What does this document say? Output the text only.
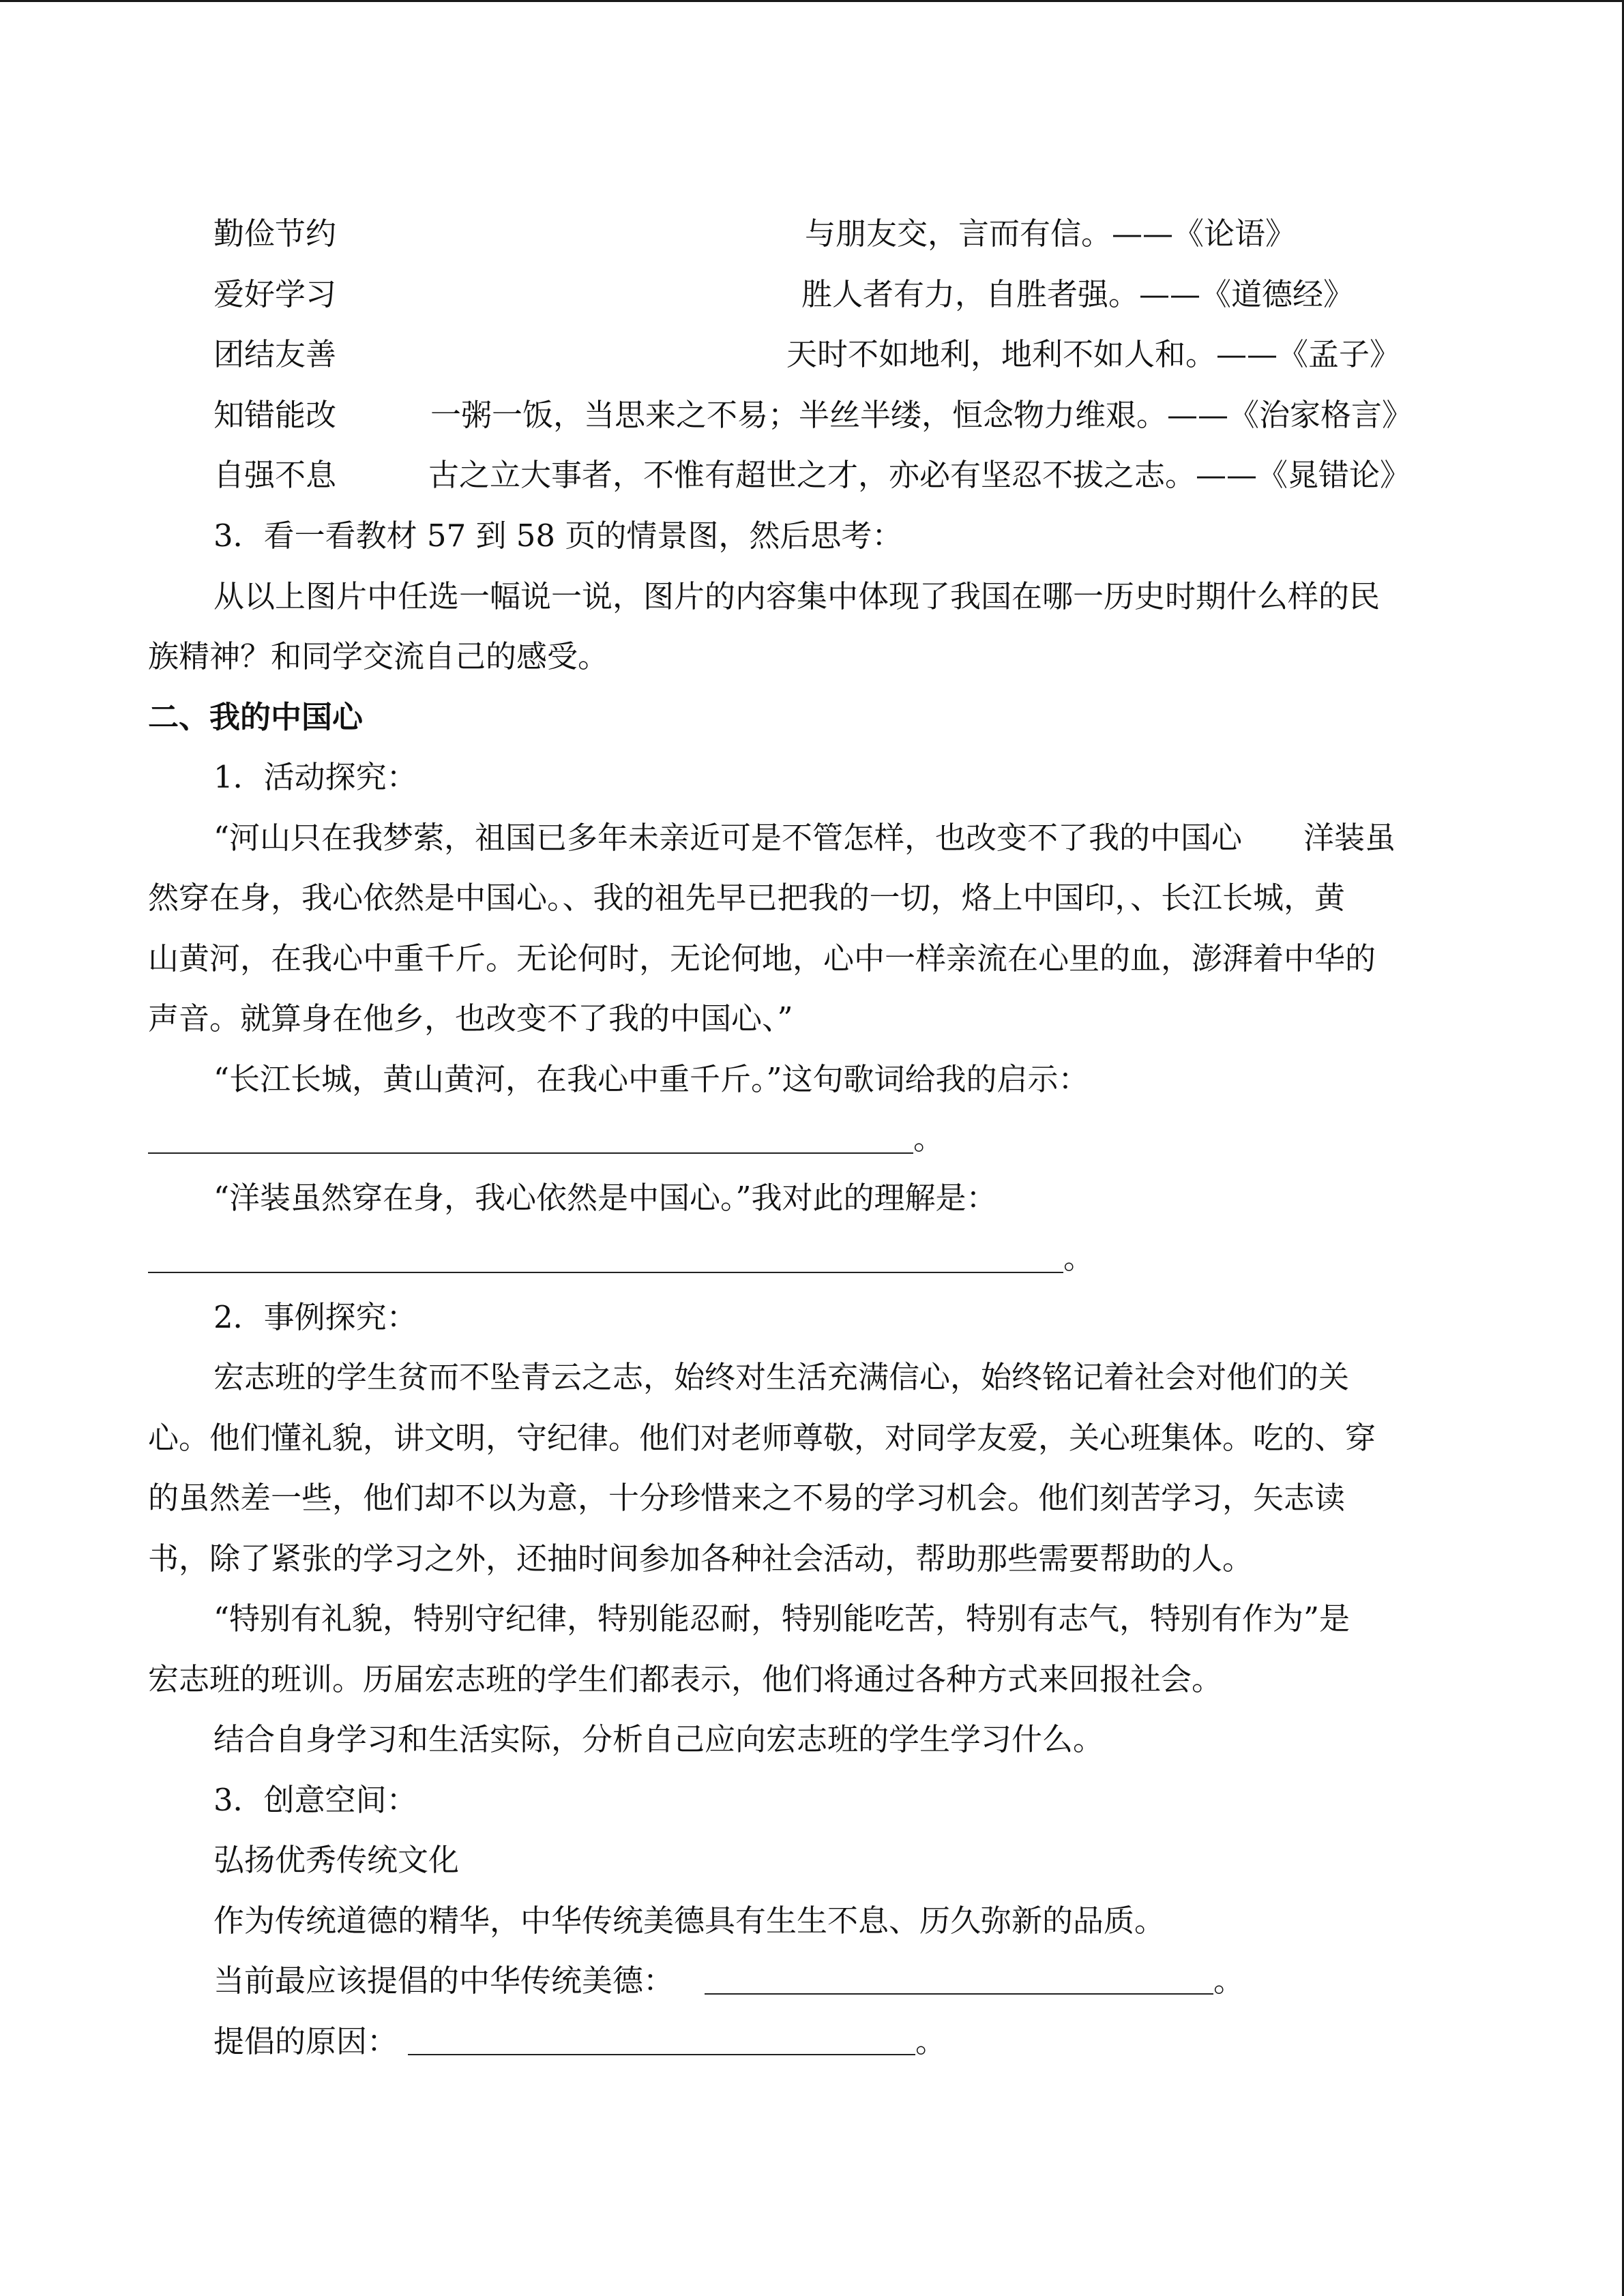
勤俭节约	与朋友交，言而有信。——《论语》
爱好学习	胜人者有力，自胜者强。——《道德经》
团结友善	天时不如地利，地利不如人和。——《孟子》
知错能改	一粥一饭，当思来之不易；半丝半缕，恒念物力维艰。——《治家格言》
自强不息	古之立大事者，不惟有超世之才，亦必有坚忍不拔之志。——《晁错论》
3．看一看教材 57 到 58 页的情景图，然后思考：
从以上图片中任选一幅说一说，图片的内容集中体现了我国在哪一历史时期什么样的民
族精神？和同学交流自己的感受。
二、我的中国心
1．活动探究：
“河山只在我梦萦，祖国已多年未亲近可是不管怎样，也改变不了我的中国心　　洋装虽
然穿在身，我心依然是中国心。、我的祖先早已把我的一切，烙上中国印，、长江长城，黄
山黄河，在我心中重千斤。无论何时，无论何地，心中一样亲流在心里的血，澎湃着中华的
声音。就算身在他乡，也改变不了我的中国心、”
“长江长城，黄山黄河，在我心中重千斤。”这句歌词给我的启示：
。
“洋装虽然穿在身，我心依然是中国心。”我对此的理解是：
。
2．事例探究：
宏志班的学生贫而不坠青云之志，始终对生活充满信心，始终铭记着社会对他们的关
心。他们懂礼貌，讲文明，守纪律。他们对老师尊敬，对同学友爱，关心班集体。吃的、穿
的虽然差一些，他们却不以为意，十分珍惜来之不易的学习机会。他们刻苦学习，矢志读
书，除了紧张的学习之外，还抽时间参加各种社会活动，帮助那些需要帮助的人。
“特别有礼貌，特别守纪律，特别能忍耐，特别能吃苦，特别有志气，特别有作为”是
宏志班的班训。历届宏志班的学生们都表示，他们将通过各种方式来回报社会。
结合自身学习和生活实际，分析自己应向宏志班的学生学习什么。
3．创意空间：
弘扬优秀传统文化
作为传统道德的精华，中华传统美德具有生生不息、历久弥新的品质。
当前最应该提倡的中华传统美德：	。
提倡的原因：	。
